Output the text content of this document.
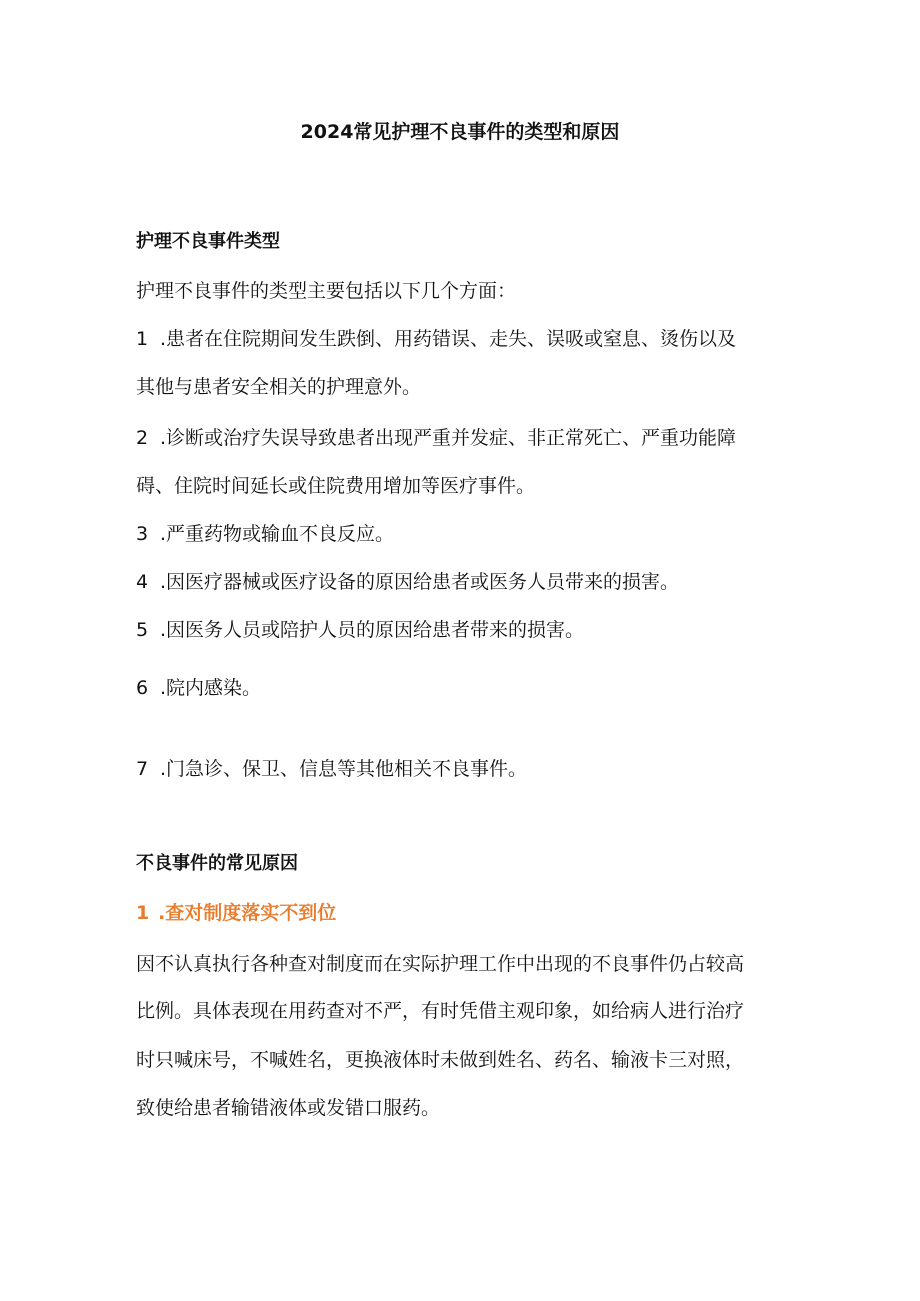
2024常见护理不良事件的类型和原因
护理不良事件类型
护理不良事件的类型主要包括以下几个方面：
1 .患者在住院期间发生跌倒、用药错误、走失、误吸或窒息、烫伤以及
其他与患者安全相关的护理意外。
2 .诊断或治疗失误导致患者出现严重并发症、非正常死亡、严重功能障
碍、住院时间延长或住院费用增加等医疗事件。
3 .严重药物或输血不良反应。
4 .因医疗器械或医疗设备的原因给患者或医务人员带来的损害。
5 .因医务人员或陪护人员的原因给患者带来的损害。
6 .院内感染。
7 .门急诊、保卫、信息等其他相关不良事件。
不良事件的常见原因
1 .查对制度落实不到位
因不认真执行各种查对制度而在实际护理工作中出现的不良事件仍占较高
比例。具体表现在用药查对不严，有时凭借主观印象，如给病人进行治疗
时只喊床号，不喊姓名，更换液体时未做到姓名、药名、输液卡三对照，
致使给患者输错液体或发错口服药。
